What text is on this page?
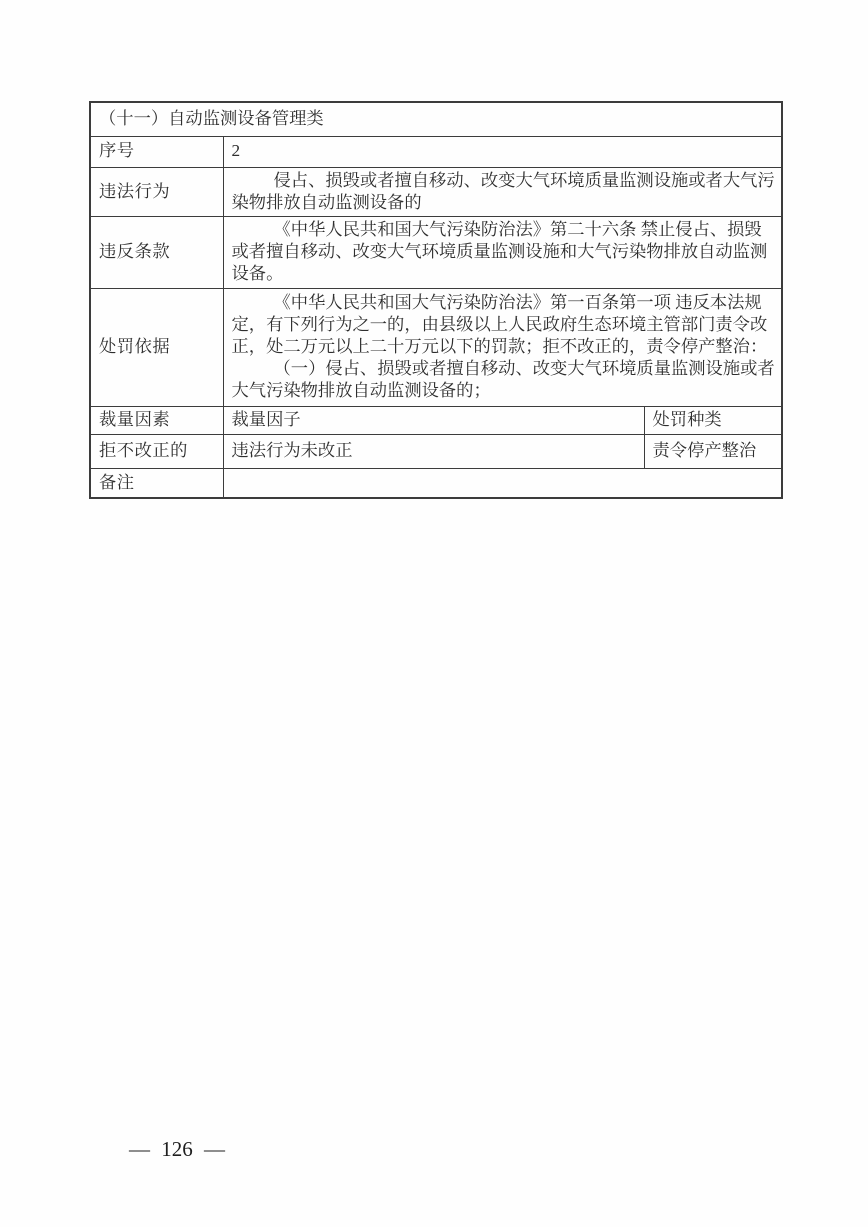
（十一）自动监测设备管理类		
序号	2	
违法行为	侵占、损毁或者擅自移动、改变大气环境质量监测设施或者大气污染物排放自动监测设备的	

违反条款	《中华人民共和国大气污染防治法》第二十六条 禁止侵占、损毁或者擅自移动、改变大气环境质量监测设施和大气污染物排放自动监测设备。	

处罚依据	《中华人民共和国大气污染防治法》第一百条第一项 违反本法规定，有下列行为之一的，由县级以上人民政府生态环境主管部门责令改正，处二万元以上二十万元以下的罚款；拒不改正的，责令停产整治：

（一）侵占、损毁或者擅自移动、改变大气环境质量监测设施或者大气污染物排放自动监测设备的；	

裁量因素	裁量因子	处罚种类
拒不改正的	违法行为未改正	责令停产整治
备注		
— 126 —
